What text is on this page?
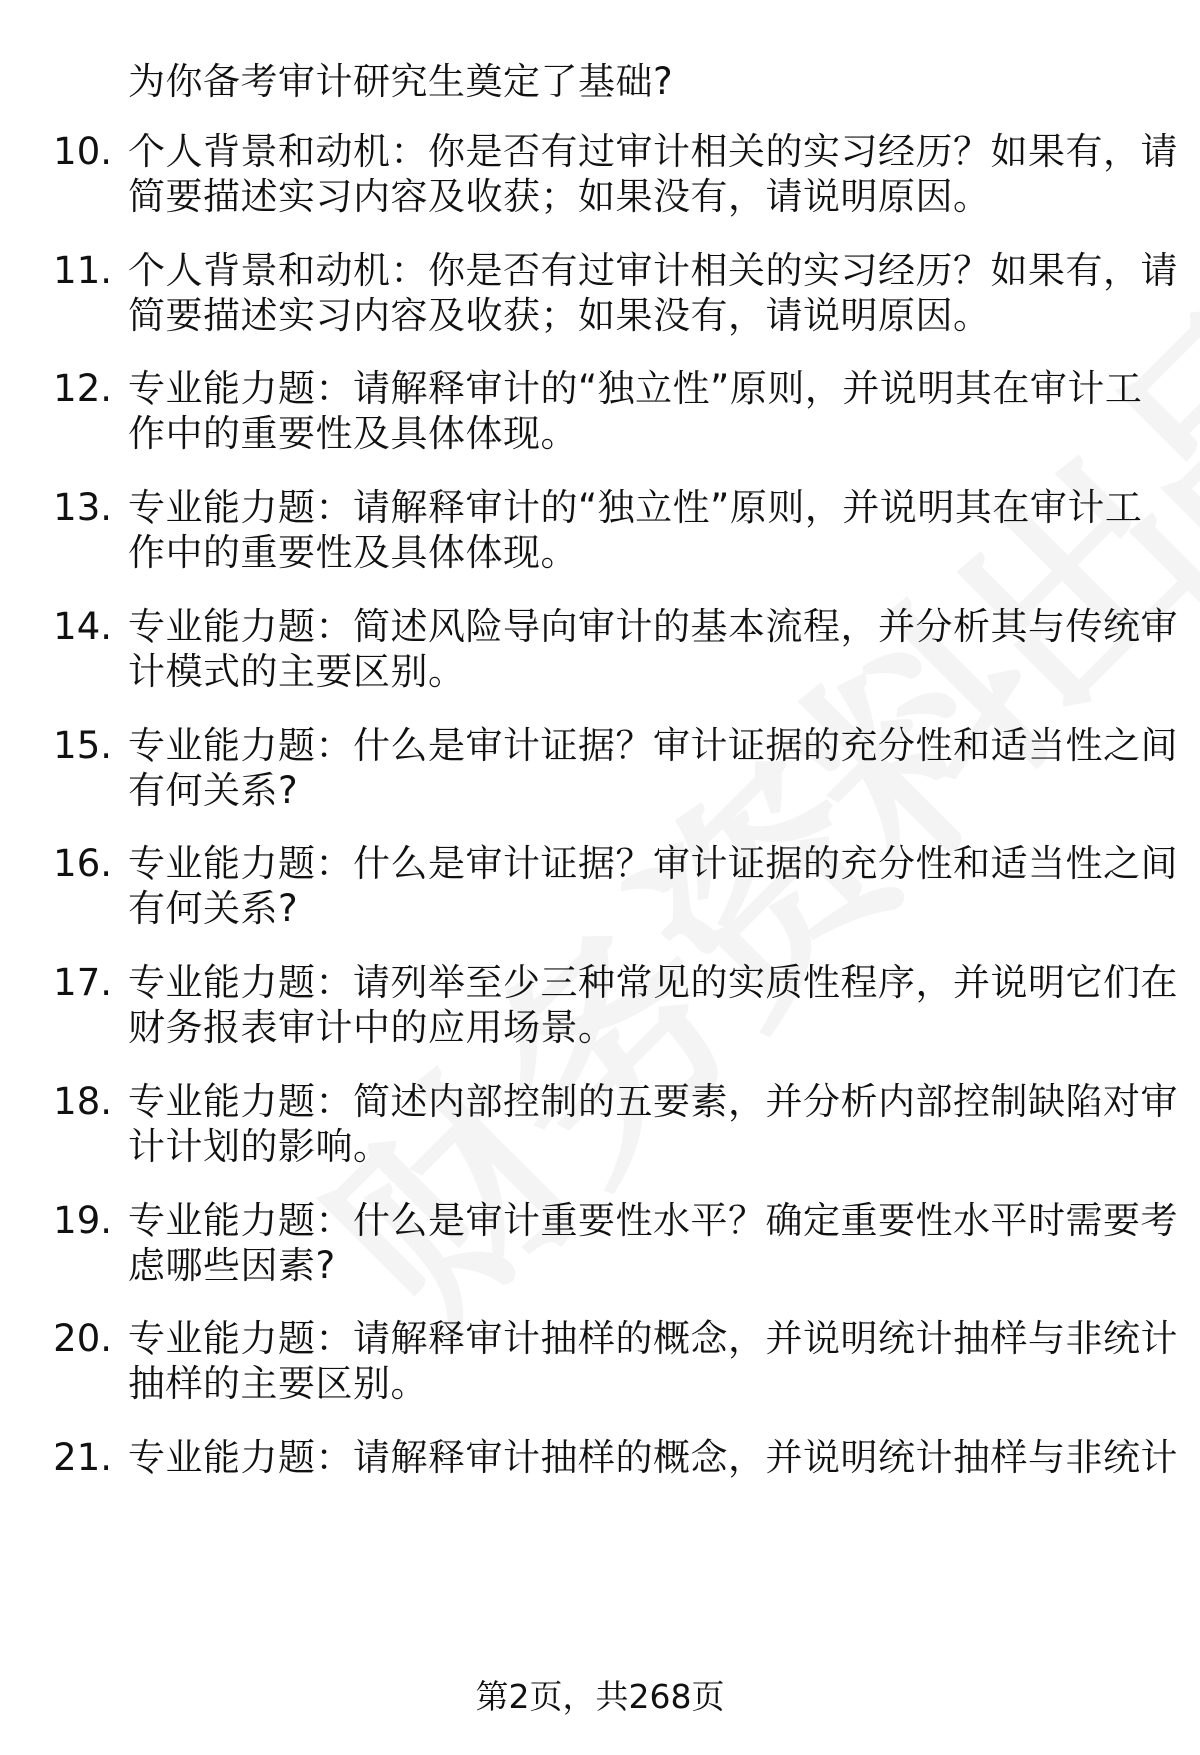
为你备考审计研究生奠定了基础?
10. 个人背景和动机：你是否有过审计相关的实习经历？如果有，请
简要描述实习内容及收获；如果没有，请说明原因。
11. 个人背景和动机：你是否有过审计相关的实习经历？如果有，请
简要描述实习内容及收获；如果没有，请说明原因。
12. 专业能力题：请解释审计的“独立性”原则，并说明其在审计工
作中的重要性及具体体现。
13. 专业能力题：请解释审计的“独立性”原则，并说明其在审计工
作中的重要性及具体体现。
14. 专业能力题：简述风险导向审计的基本流程，并分析其与传统审
计模式的主要区别。
15. 专业能力题：什么是审计证据？审计证据的充分性和适当性之间
有何关系?
16. 专业能力题：什么是审计证据？审计证据的充分性和适当性之间
有何关系?
17. 专业能力题：请列举至少三种常见的实质性程序，并说明它们在
财务报表审计中的应用场景。
18. 专业能力题：简述内部控制的五要素，并分析内部控制缺陷对审
计计划的影响。
19. 专业能力题：什么是审计重要性水平？确定重要性水平时需要考
虑哪些因素?
20. 专业能力题：请解释审计抽样的概念，并说明统计抽样与非统计
抽样的主要区别。
21. 专业能力题：请解释审计抽样的概念，并说明统计抽样与非统计
第2页，共268页
